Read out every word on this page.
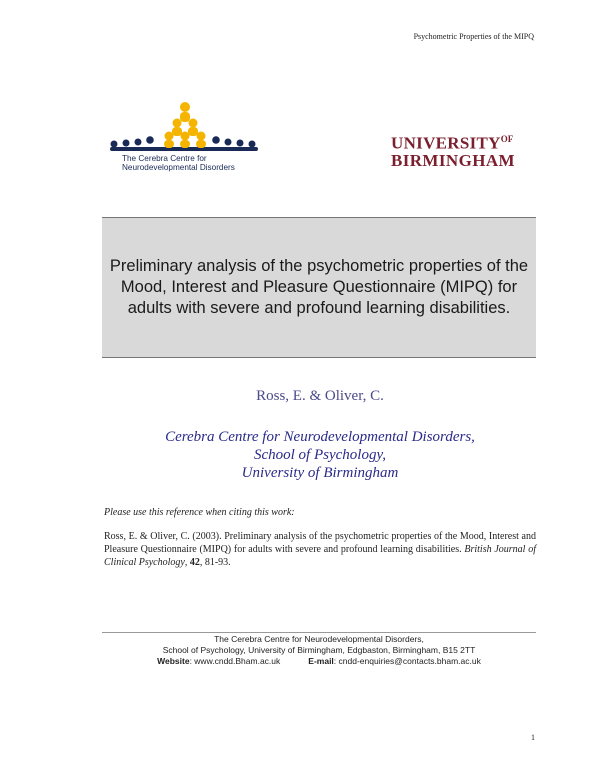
Psychometric Properties of the MIPQ
The Cerebra Centre for
Neurodevelopmental Disorders
$UNIVERSITY^{OF}$
BIRMINGHAM
Preliminary analysis of the psychometric properties of the Mood, Interest and Pleasure Questionnaire (MIPQ) for adults with severe and profound learning disabilities.
Ross, E. & Oliver, C.
Cerebra Centre for Neurodevelopmental Disorders,
School of Psychology,
University of Birmingham
Please use this reference when citing this work:
Ross, E. & Oliver, C. (2003). Preliminary analysis of the psychometric properties of the Mood, Interest and Pleasure Questionnaire (MIPQ) for adults with severe and profound learning disabilities. British Journal of Clinical Psychology, 42, 81-93.
The Cerebra Centre for Neurodevelopmental Disorders,
School of Psychology, University of Birmingham, Edgbaston, Birmingham, B15 2TT
Website: www.cndd.Bham.ac.uk	E-mail: cndd-enquiries@contacts.bham.ac.uk
1
